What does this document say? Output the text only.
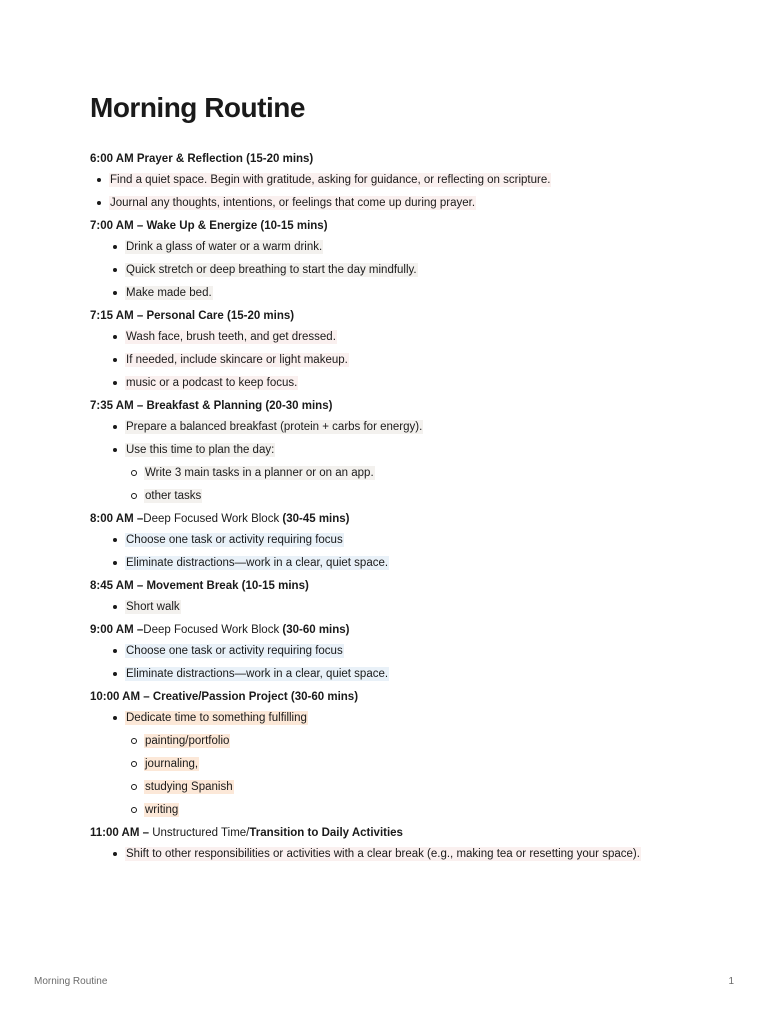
Morning Routine

6:00 AM Prayer & Reflection (15-20 mins)

Find a quiet space. Begin with gratitude, asking for guidance, or reflecting on scripture.
Journal any thoughts, intentions, or feelings that come up during prayer.

7:00 AM – Wake Up & Energize (10-15 mins)

Drink a glass of water or a warm drink.
Quick stretch or deep breathing to start the day mindfully.
Make made bed.

7:15 AM – Personal Care (15-20 mins)

Wash face, brush teeth, and get dressed.
If needed, include skincare or light makeup.
music or a podcast to keep focus.

7:35 AM – Breakfast & Planning (20-30 mins)

Prepare a balanced breakfast (protein + carbs for energy).
Use this time to plan the day:
Write 3 main tasks in a planner or on an app.
other tasks

8:00 AM –Deep Focused Work Block (30-45 mins)

Choose one task or activity requiring focus
Eliminate distractions—work in a clear, quiet space.

8:45 AM – Movement Break (10-15 mins)

Short walk

9:00 AM –Deep Focused Work Block (30-60 mins)

Choose one task or activity requiring focus
Eliminate distractions—work in a clear, quiet space.

10:00 AM – Creative/Passion Project (30-60 mins)

Dedicate time to something fulfilling
painting/portfolio
journaling,
studying Spanish
writing

11:00 AM – Unstructured Time/Transition to Daily Activities

Shift to other responsibilities or activities with a clear break (e.g., making tea or resetting your space).
Morning Routine	1
